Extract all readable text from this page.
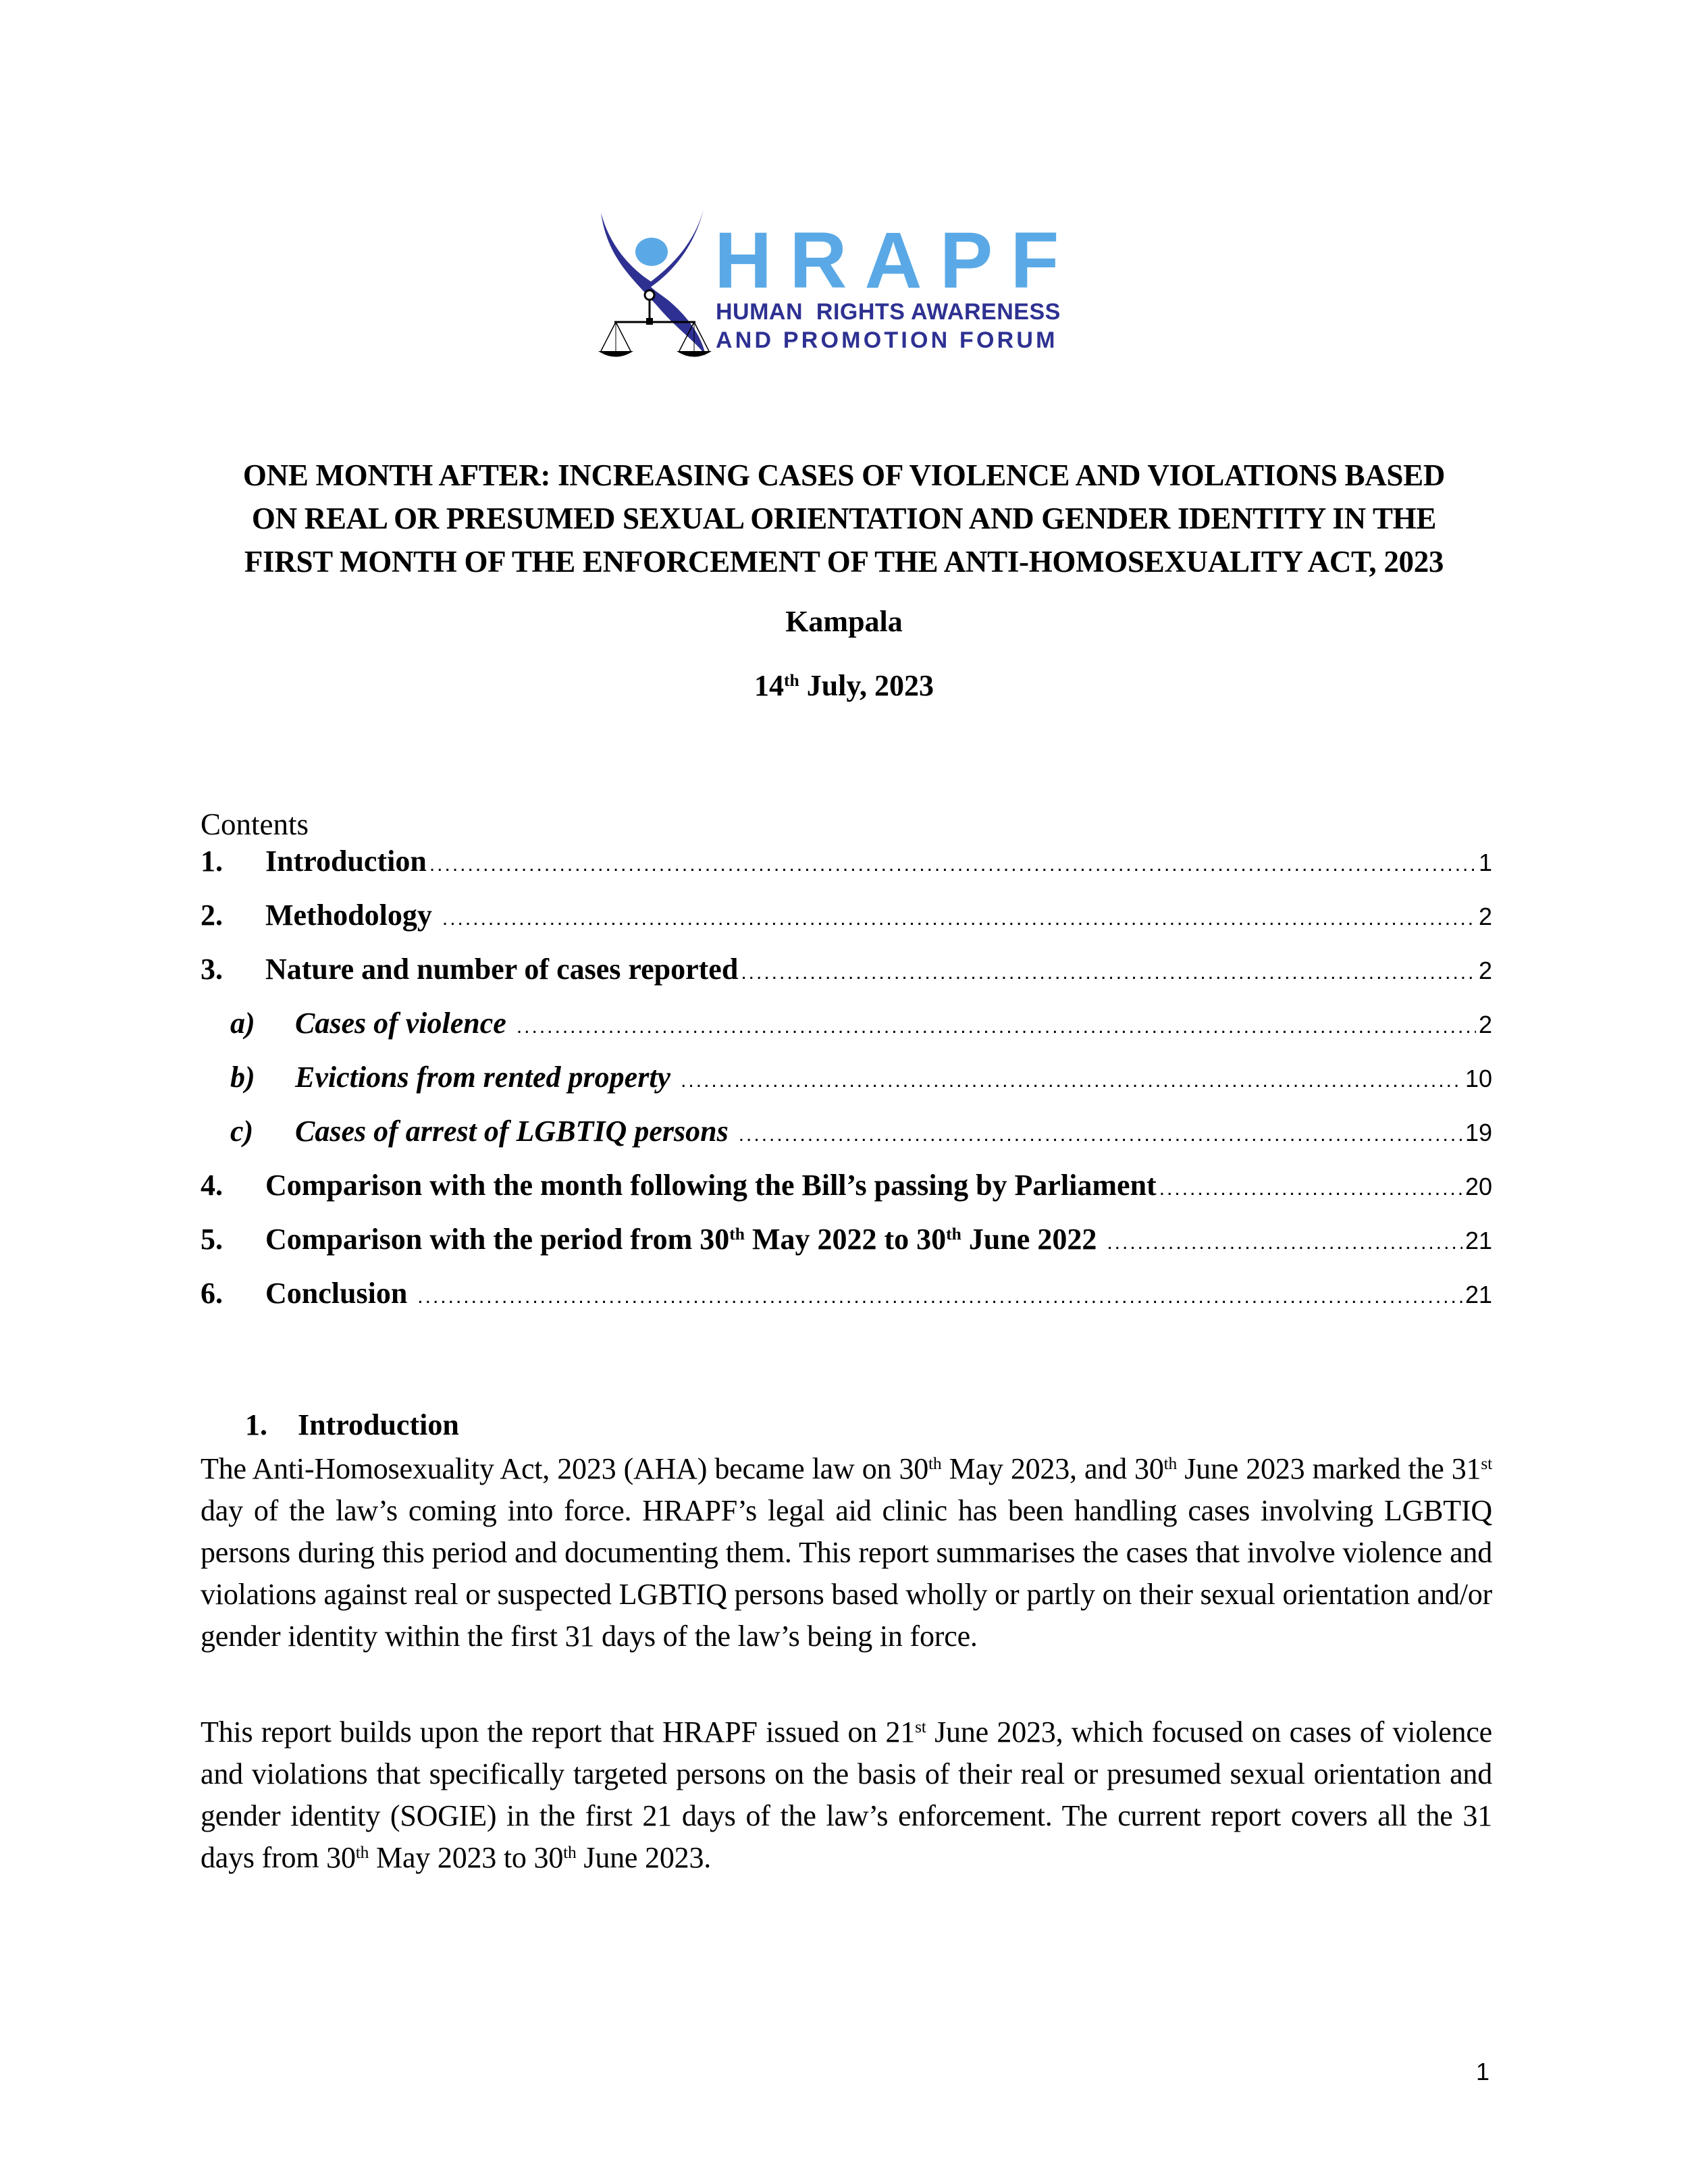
HRAPF
HUMAN  RIGHTS AWARENESS
AND PROMOTION FORUM
ONE MONTH AFTER: INCREASING CASES OF VIOLENCE AND VIOLATIONS BASED
ON REAL OR PRESUMED SEXUAL ORIENTATION AND GENDER IDENTITY IN THE
FIRST MONTH OF THE ENFORCEMENT OF THE ANTI-HOMOSEXUALITY ACT, 2023
Kampala
14th July, 2023
Contents
1.	Introduction .....	1
2.	Methodology .....	2
3.	Nature and number of cases reported .....	2
a)	Cases of violence .....	2
b)	Evictions from rented property .....	10
c)	Cases of arrest of LGBTIQ persons .....	19
4.	Comparison with the month following the Bill’s passing by Parliament .....	20
5.	Comparison with the period from 30th May 2022 to 30th June 2022 .....	21
6.	Conclusion .....	21
1. Introduction
The Anti-Homosexuality Act, 2023 (AHA) became law on 30th May 2023, and 30th June 2023 marked the 31st day of the law’s coming into force. HRAPF’s legal aid clinic has been handling cases involving LGBTIQ persons during this period and documenting them. This report summarises the cases that involve violence and violations against real or suspected LGBTIQ persons based wholly or partly on their sexual orientation and/or gender identity within the first 31 days of the law’s being in force.
This report builds upon the report that HRAPF issued on 21st June 2023, which focused on cases of violence and violations that specifically targeted persons on the basis of their real or presumed sexual orientation and gender identity (SOGIE) in the first 21 days of the law’s enforcement. The current report covers all the 31 days from 30th May 2023 to 30th June 2023.
1
